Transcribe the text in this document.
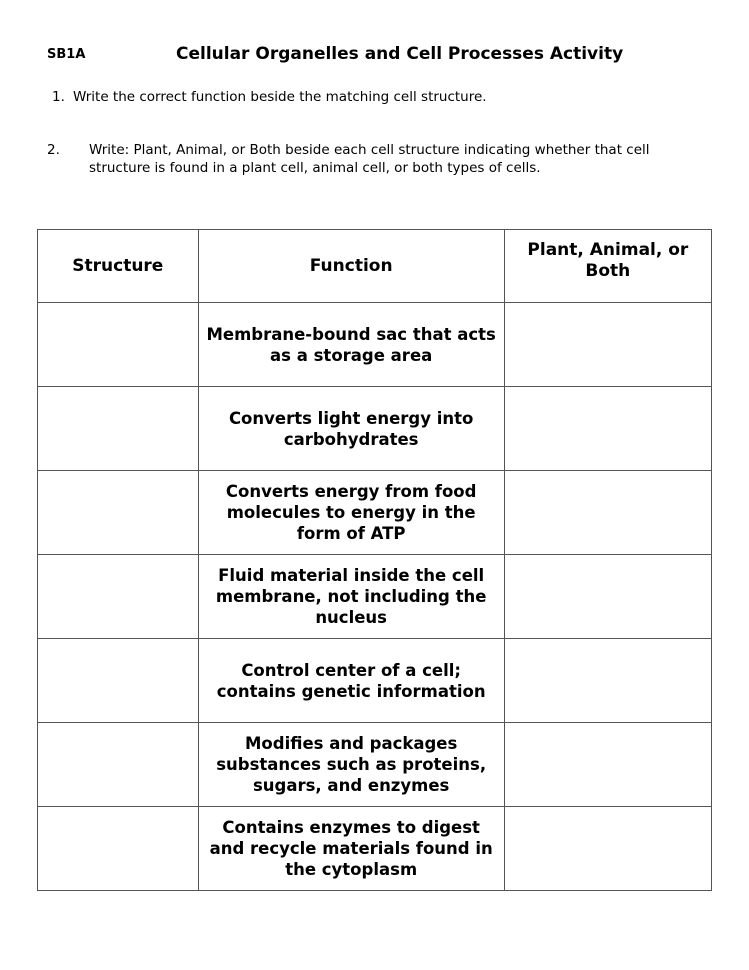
SB1A	Cellular Organelles and Cell Processes Activity
1. Write the correct function beside the matching cell structure.
2. Write: Plant, Animal, or Both beside each cell structure indicating whether that cell structure is found in a plant cell, animal cell, or both types of cells.
Structure	Function	Plant, Animal, or Both
	Membrane-bound sac that acts as a storage area	
	Converts light energy into carbohydrates	
	Converts energy from food molecules to energy in the form of ATP	
	Fluid material inside the cell membrane, not including the nucleus	
	Control center of a cell; contains genetic information	
	Modifies and packages substances such as proteins, sugars, and enzymes	
	Contains enzymes to digest and recycle materials found in the cytoplasm	
